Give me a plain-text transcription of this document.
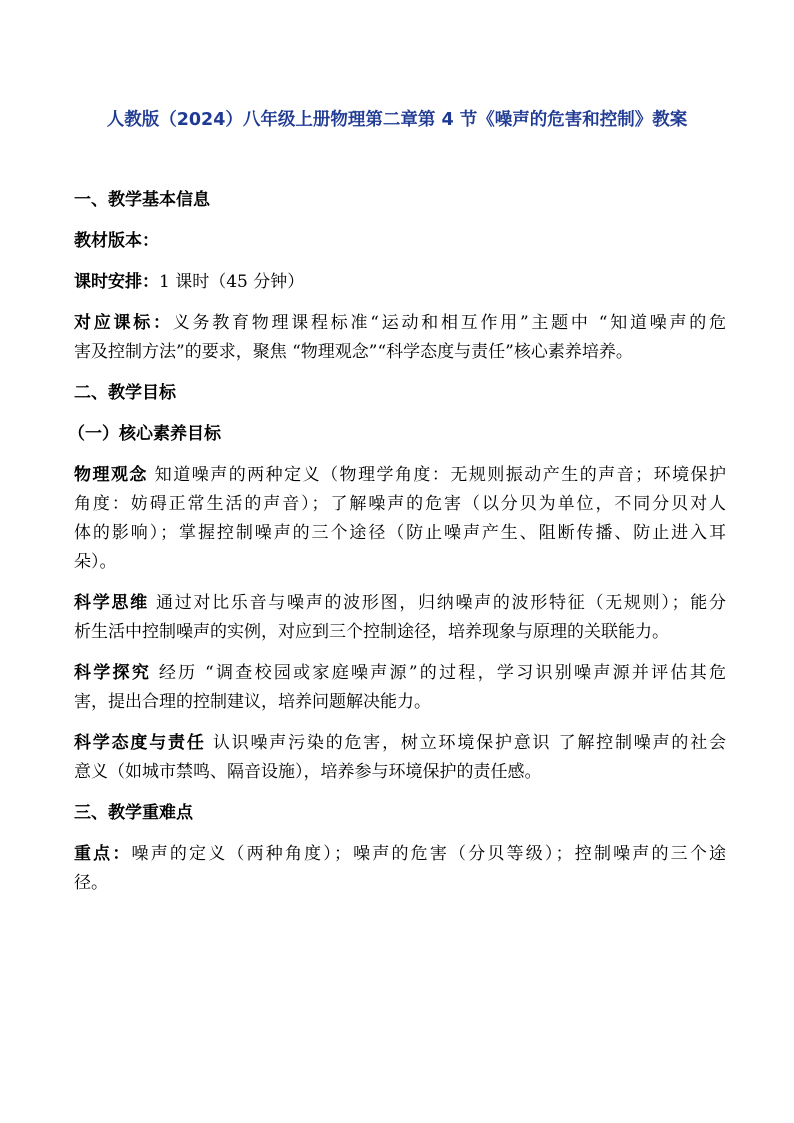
人教版（2024）八年级上册物理第二章第 4 节《噪声的危害和控制》教案

一、教学基本信息

教材版本：

课时安排：1 课时（45 分钟）

对应课标：义务教育物理课程标准“运动和相互作用”主题中 “知道噪声的危

害及控制方法”的要求，聚焦 “物理观念”“科学态度与责任”核心素养培养。

二、教学目标

（一）核心素养目标

物理观念 知道噪声的两种定义（物理学角度：无规则振动产生的声音；环境保护

角度：妨碍正常生活的声音）；了解噪声的危害（以分贝为单位，不同分贝对人

体的影响）；掌握控制噪声的三个途径（防止噪声产生、阻断传播、防止进入耳

朵）。

科学思维 通过对比乐音与噪声的波形图，归纳噪声的波形特征（无规则）；能分

析生活中控制噪声的实例，对应到三个控制途径，培养现象与原理的关联能力。

科学探究 经历 “调查校园或家庭噪声源”的过程，学习识别噪声源并评估其危

害，提出合理的控制建议，培养问题解决能力。

科学态度与责任 认识噪声污染的危害，树立环境保护意识 了解控制噪声的社会

意义（如城市禁鸣、隔音设施），培养参与环境保护的责任感。

三、教学重难点

重点：噪声的定义（两种角度）；噪声的危害（分贝等级）；控制噪声的三个途

径。
